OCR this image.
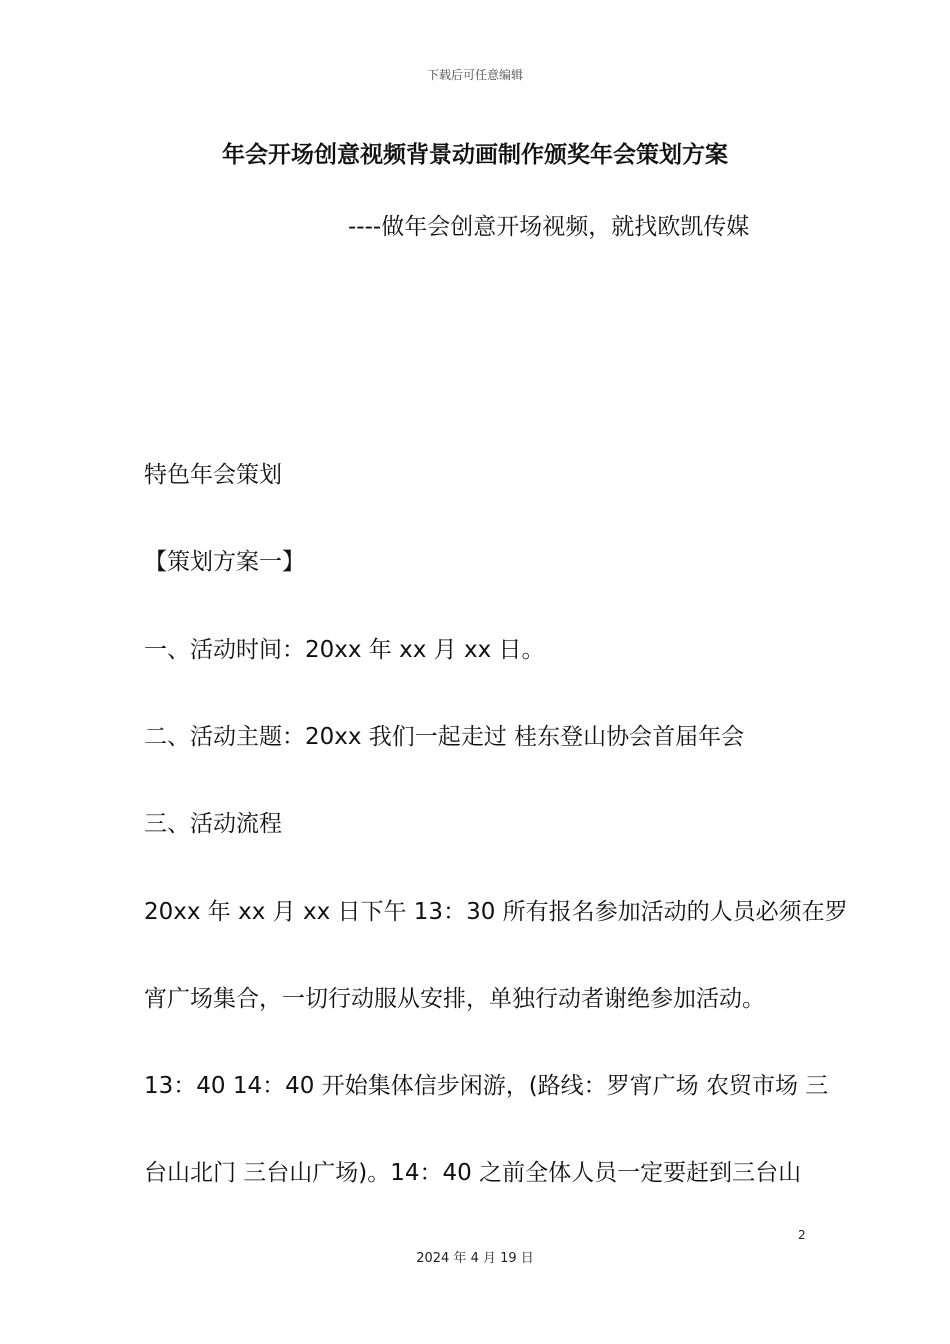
下载后可任意编辑
年会开场创意视频背景动画制作颁奖年会策划方案
----做年会创意开场视频，就找欧凯传媒
特色年会策划
【策划方案一】
一、活动时间：20xx 年 xx 月 xx 日。
二、活动主题：20xx 我们一起走过 桂东登山协会首届年会
三、活动流程
20xx 年 xx 月 xx 日下午 13：30 所有报名参加活动的人员必须在罗
宵广场集合，一切行动服从安排，单独行动者谢绝参加活动。
13：40 14：40 开始集体信步闲游，(路线：罗宵广场 农贸市场 三
台山北门 三台山广场)。14：40 之前全体人员一定要赶到三台山
2
2024 年 4 月 19 日
